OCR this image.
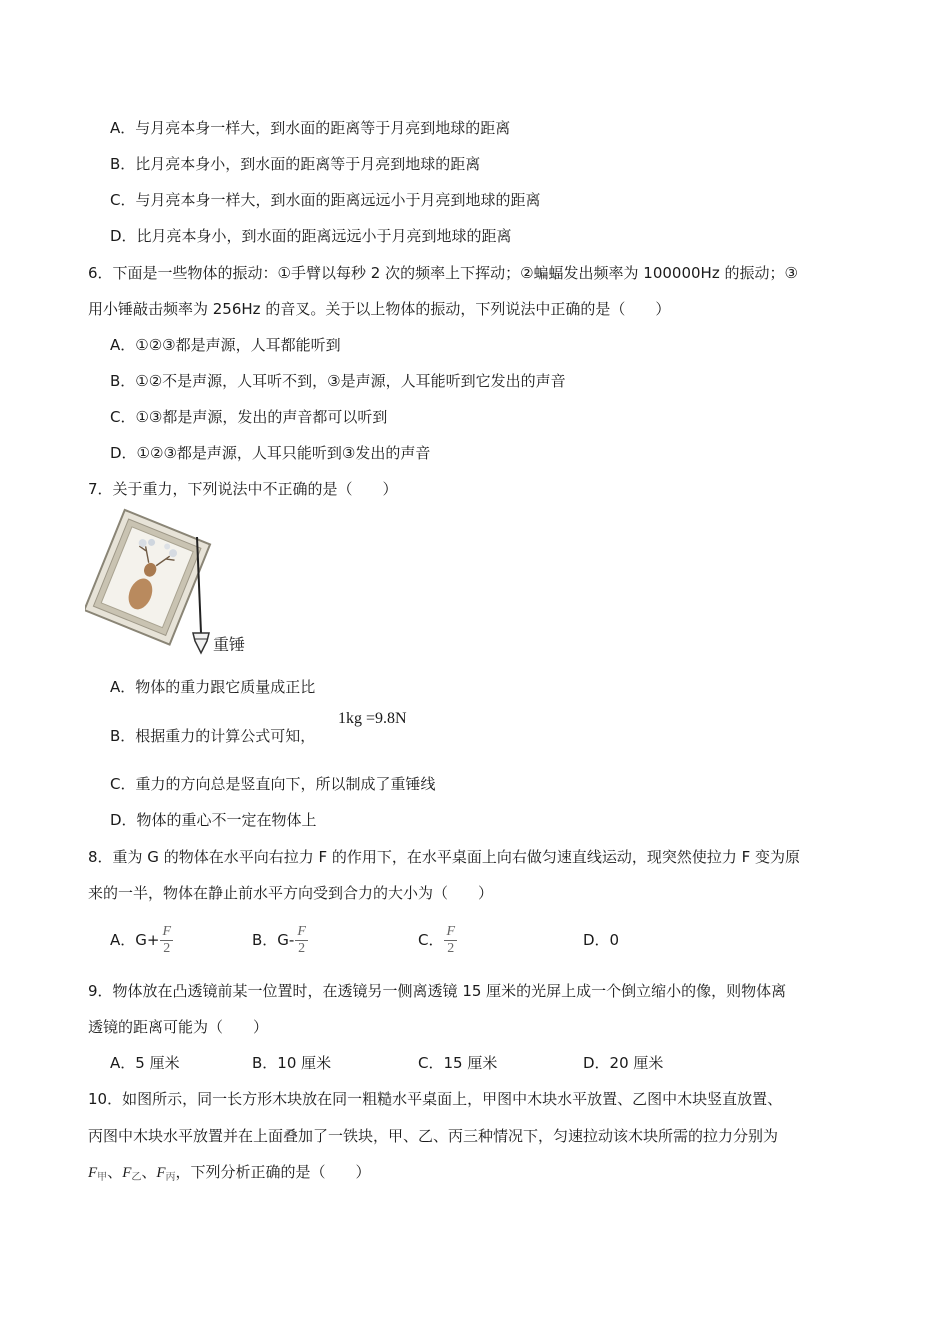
A．与月亮本身一样大，到水面的距离等于月亮到地球的距离
B．比月亮本身小，到水面的距离等于月亮到地球的距离
C．与月亮本身一样大，到水面的距离远远小于月亮到地球的距离
D．比月亮本身小，到水面的距离远远小于月亮到地球的距离
6．下面是一些物体的振动：①手臂以每秒 2 次的频率上下挥动；②蝙蝠发出频率为 100000Hz 的振动；③
用小锤敲击频率为 256Hz 的音叉。关于以上物体的振动，下列说法中正确的是（　　）
A．①②③都是声源，人耳都能听到
B．①②不是声源，人耳听不到，③是声源，人耳能听到它发出的声音
C．①③都是声源，发出的声音都可以听到
D．①②③都是声源，人耳只能听到③发出的声音
7．关于重力，下列说法中不正确的是（　　）
重锤
A．物体的重力跟它质量成正比
B．根据重力的计算公式可知，
1kg =9.8N
C．重力的方向总是竖直向下，所以制成了重锤线
D．物体的重心不一定在物体上
8．重为 G 的物体在水平向右拉力 F 的作用下，在水平桌面上向右做匀速直线运动，现突然使拉力 F 变为原
来的一半，物体在静止前水平方向受到合力的大小为（　　）
A．$G+ \frac{F}{2}$	B．$G- \frac{F}{2}$	C． $\frac{F}{2}$	D．0
9．物体放在凸透镜前某一位置时，在透镜另一侧离透镜 15 厘米的光屏上成一个倒立缩小的像，则物体离
透镜的距离可能为（　　）
A．5 厘米	B．10 厘米	C．15 厘米	D．20 厘米
10．如图所示，同一长方形木块放在同一粗糙水平桌面上，甲图中木块水平放置、乙图中木块竖直放置、
丙图中木块水平放置并在上面叠加了一铁块，甲、乙、丙三种情况下，匀速拉动该木块所需的拉力分别为
$F_甲$、$F_乙$、$F_丙$，下列分析正确的是（　　）
